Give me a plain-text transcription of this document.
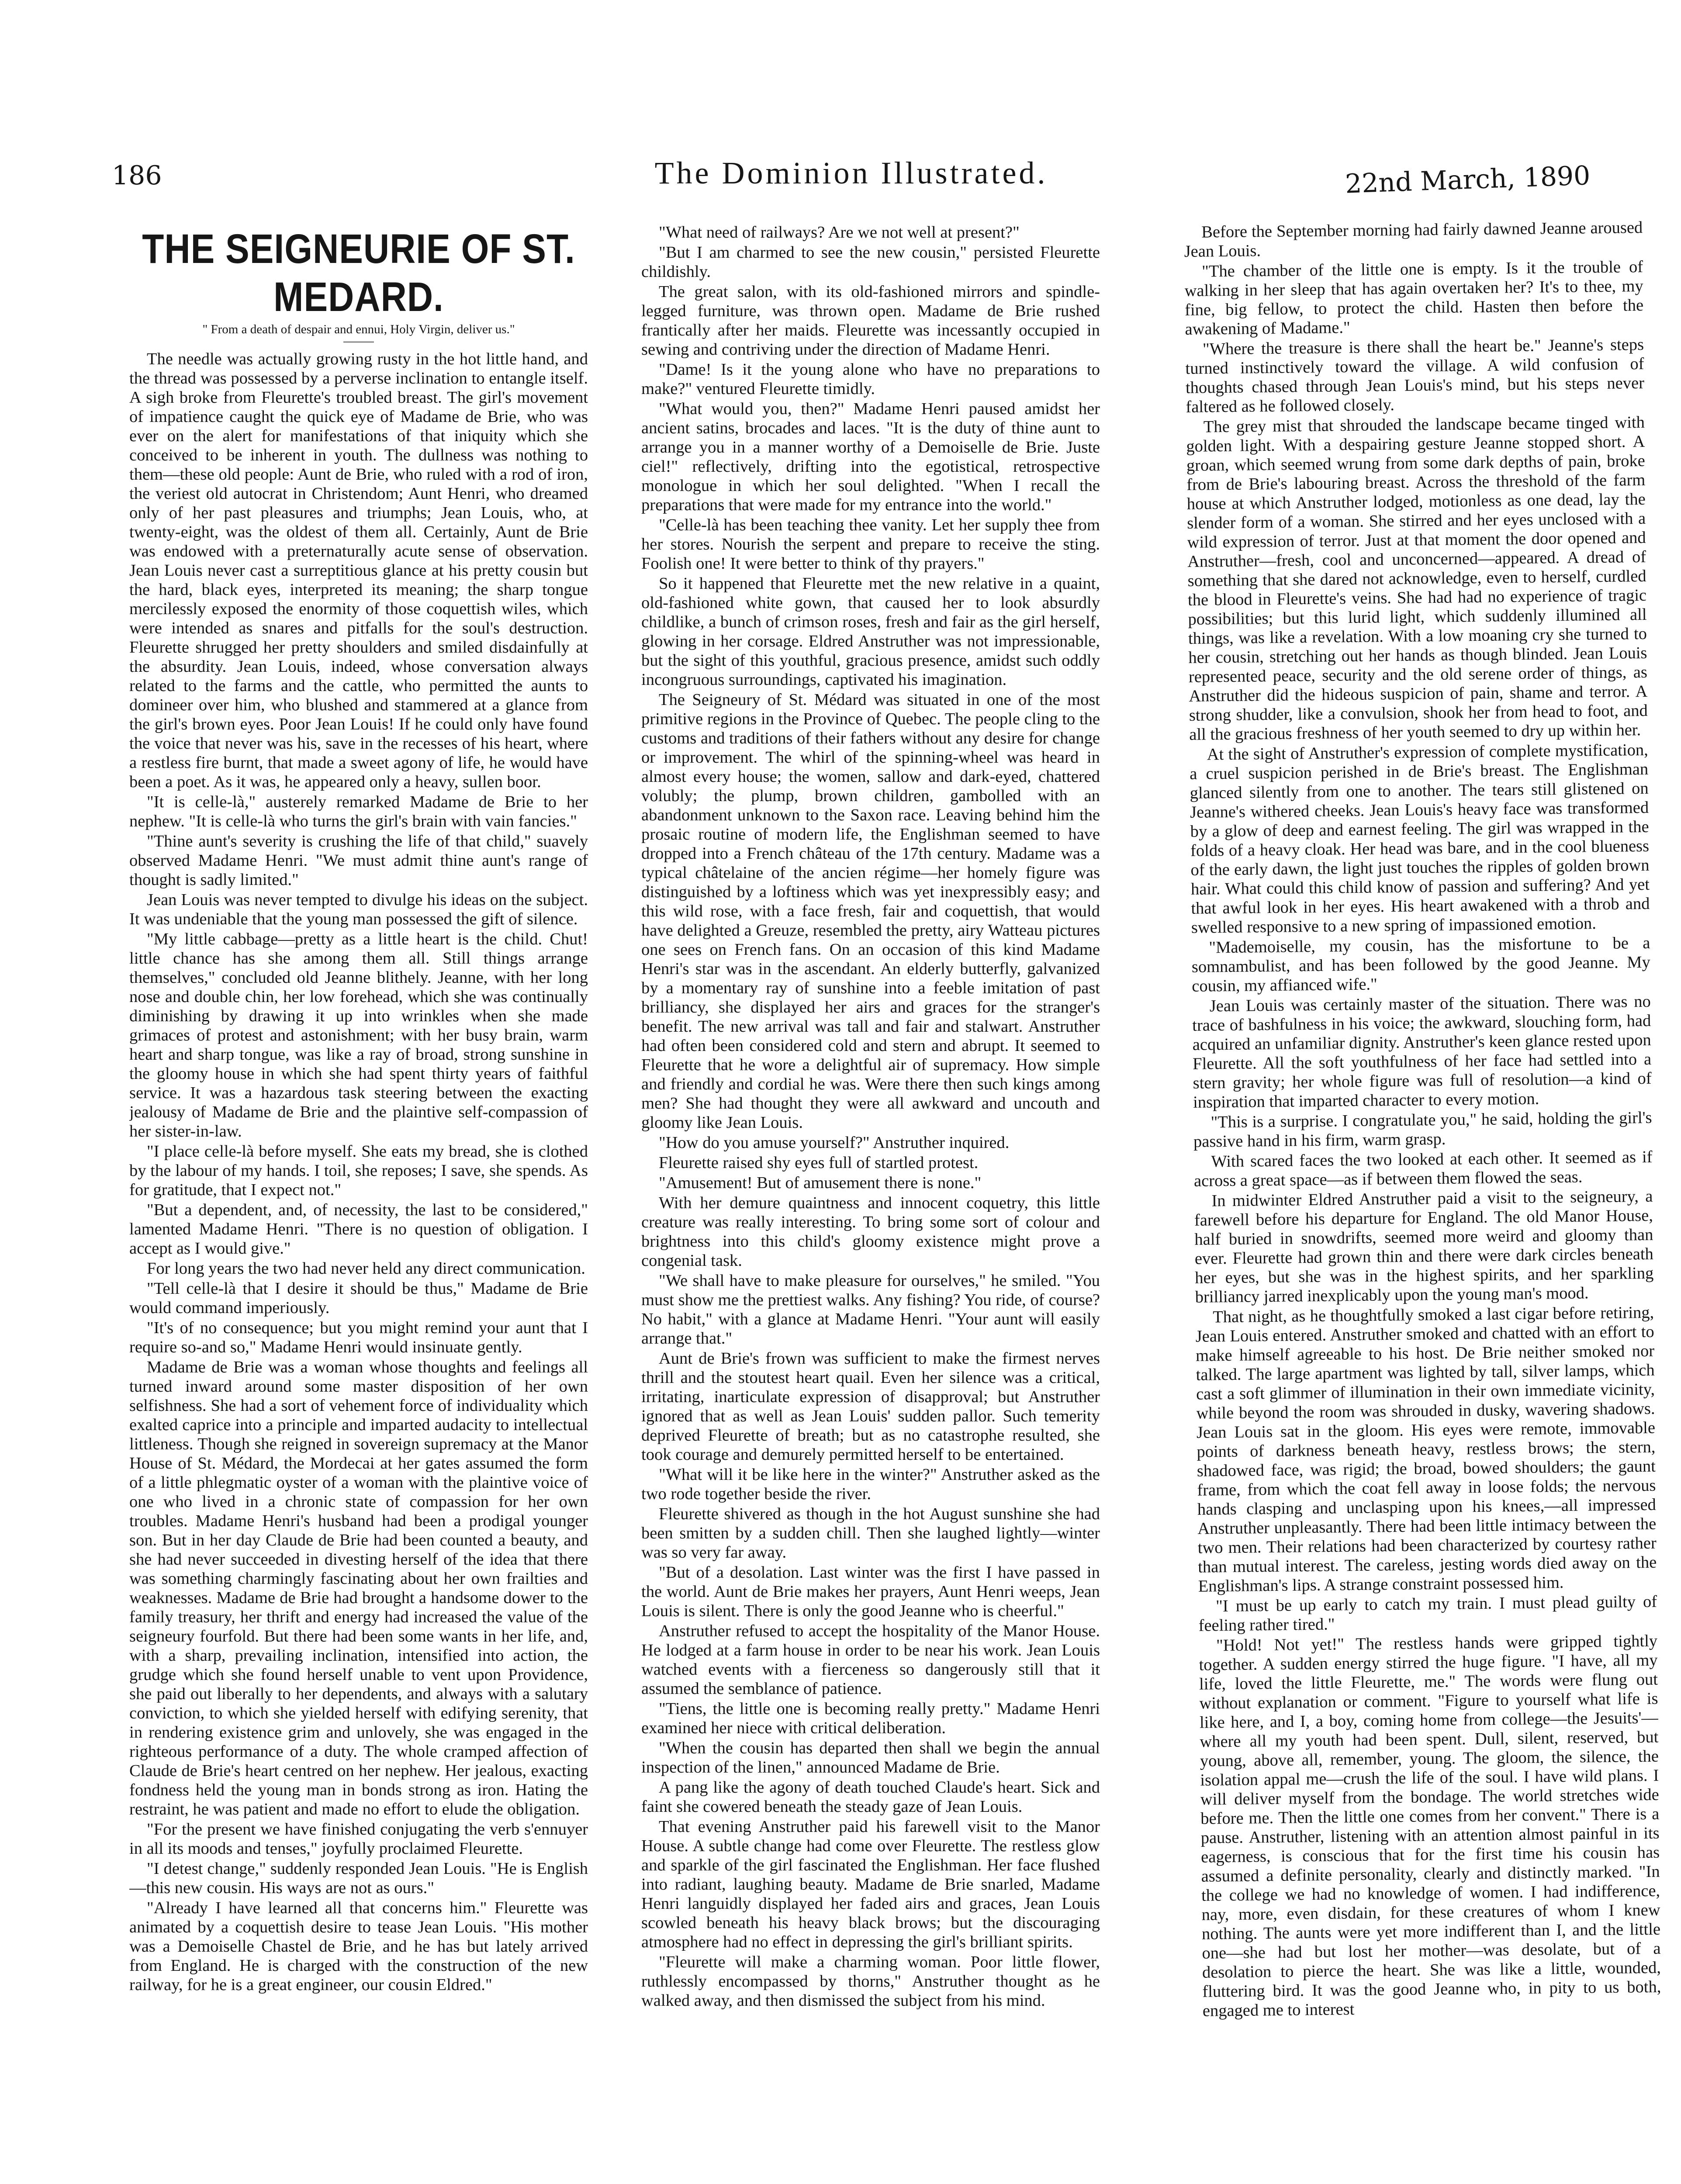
186	The Dominion Illustrated.	22nd March, 1890
THE SEIGNEURIE OF ST. MEDARD.
" From a death of despair and ennui, Holy Virgin, deliver us."

The needle was actually growing rusty in the hot little hand, and the thread was possessed by a perverse inclination to entangle itself. A sigh broke from Fleurette's troubled breast. The girl's movement of impatience caught the quick eye of Madame de Brie, who was ever on the alert for manifestations of that iniquity which she conceived to be inherent in youth. The dullness was nothing to them—these old people: Aunt de Brie, who ruled with a rod of iron, the veriest old autocrat in Christendom; Aunt Henri, who dreamed only of her past pleasures and triumphs; Jean Louis, who, at twenty-eight, was the oldest of them all. Certainly, Aunt de Brie was endowed with a preternaturally acute sense of observation. Jean Louis never cast a surreptitious glance at his pretty cousin but the hard, black eyes, interpreted its meaning; the sharp tongue mercilessly exposed the enormity of those coquettish wiles, which were intended as snares and pitfalls for the soul's destruction. Fleurette shrugged her pretty shoulders and smiled disdainfully at the absurdity. Jean Louis, indeed, whose conversation always related to the farms and the cattle, who permitted the aunts to domineer over him, who blushed and stammered at a glance from the girl's brown eyes. Poor Jean Louis! If he could only have found the voice that never was his, save in the recesses of his heart, where a restless fire burnt, that made a sweet agony of life, he would have been a poet. As it was, he appeared only a heavy, sullen boor.

"It is celle-là," austerely remarked Madame de Brie to her nephew. "It is celle-là who turns the girl's brain with vain fancies."

"Thine aunt's severity is crushing the life of that child," suavely observed Madame Henri. "We must admit thine aunt's range of thought is sadly limited."

Jean Louis was never tempted to divulge his ideas on the subject. It was undeniable that the young man possessed the gift of silence.

"My little cabbage—pretty as a little heart is the child. Chut! little chance has she among them all. Still things arrange themselves," concluded old Jeanne blithely. Jeanne, with her long nose and double chin, her low forehead, which she was continually diminishing by drawing it up into wrinkles when she made grimaces of protest and astonishment; with her busy brain, warm heart and sharp tongue, was like a ray of broad, strong sunshine in the gloomy house in which she had spent thirty years of faithful service. It was a hazardous task steering between the exacting jealousy of Madame de Brie and the plaintive self-compassion of her sister-in-law.

"I place celle-là before myself. She eats my bread, she is clothed by the labour of my hands. I toil, she reposes; I save, she spends. As for gratitude, that I expect not."

"But a dependent, and, of necessity, the last to be considered," lamented Madame Henri. "There is no question of obligation. I accept as I would give."

For long years the two had never held any direct communication.

"Tell celle-là that I desire it should be thus," Madame de Brie would command imperiously.

"It's of no consequence; but you might remind your aunt that I require so-and so," Madame Henri would insinuate gently.

Madame de Brie was a woman whose thoughts and feelings all turned inward around some master disposition of her own selfishness. She had a sort of vehement force of individuality which exalted caprice into a principle and imparted audacity to intellectual littleness. Though she reigned in sovereign supremacy at the Manor House of St. Médard, the Mordecai at her gates assumed the form of a little phlegmatic oyster of a woman with the plaintive voice of one who lived in a chronic state of compassion for her own troubles. Madame Henri's husband had been a prodigal younger son. But in her day Claude de Brie had been counted a beauty, and she had never succeeded in divesting herself of the idea that there was something charmingly fascinating about her own frailties and weaknesses. Madame de Brie had brought a handsome dower to the family treasury, her thrift and energy had increased the value of the seigneury fourfold. But there had been some wants in her life, and, with a sharp, prevailing inclination, intensified into action, the grudge which she found herself unable to vent upon Providence, she paid out liberally to her dependents, and always with a salutary conviction, to which she yielded herself with edifying serenity, that in rendering existence grim and unlovely, she was engaged in the righteous performance of a duty. The whole cramped affection of Claude de Brie's heart centred on her nephew. Her jealous, exacting fondness held the young man in bonds strong as iron. Hating the restraint, he was patient and made no effort to elude the obligation.

"For the present we have finished conjugating the verb s'ennuyer in all its moods and tenses," joyfully proclaimed Fleurette.

"I detest change," suddenly responded Jean Louis. "He is English—this new cousin. His ways are not as ours."

"Already I have learned all that concerns him." Fleurette was animated by a coquettish desire to tease Jean Louis. "His mother was a Demoiselle Chastel de Brie, and he has but lately arrived from England. He is charged with the construction of the new railway, for he is a great engineer, our cousin Eldred."

"What need of railways? Are we not well at present?"

"But I am charmed to see the new cousin," persisted Fleurette childishly.

The great salon, with its old-fashioned mirrors and spindle-legged furniture, was thrown open. Madame de Brie rushed frantically after her maids. Fleurette was incessantly occupied in sewing and contriving under the direction of Madame Henri.

"Dame! Is it the young alone who have no preparations to make?" ventured Fleurette timidly.

"What would you, then?" Madame Henri paused amidst her ancient satins, brocades and laces. "It is the duty of thine aunt to arrange you in a manner worthy of a Demoiselle de Brie. Juste ciel!" reflectively, drifting into the egotistical, retrospective monologue in which her soul delighted. "When I recall the preparations that were made for my entrance into the world."

"Celle-là has been teaching thee vanity. Let her supply thee from her stores. Nourish the serpent and prepare to receive the sting. Foolish one! It were better to think of thy prayers."

So it happened that Fleurette met the new relative in a quaint, old-fashioned white gown, that caused her to look absurdly childlike, a bunch of crimson roses, fresh and fair as the girl herself, glowing in her corsage. Eldred Anstruther was not impressionable, but the sight of this youthful, gracious presence, amidst such oddly incongruous surroundings, captivated his imagination.

The Seigneury of St. Médard was situated in one of the most primitive regions in the Province of Quebec. The people cling to the customs and traditions of their fathers without any desire for change or improvement. The whirl of the spinning-wheel was heard in almost every house; the women, sallow and dark-eyed, chattered volubly; the plump, brown children, gambolled with an abandonment unknown to the Saxon race. Leaving behind him the prosaic routine of modern life, the Englishman seemed to have dropped into a French château of the 17th century. Madame was a typical châtelaine of the ancien régime—her homely figure was distinguished by a loftiness which was yet inexpressibly easy; and this wild rose, with a face fresh, fair and coquettish, that would have delighted a Greuze, resembled the pretty, airy Watteau pictures one sees on French fans. On an occasion of this kind Madame Henri's star was in the ascendant. An elderly butterfly, galvanized by a momentary ray of sunshine into a feeble imitation of past brilliancy, she displayed her airs and graces for the stranger's benefit. The new arrival was tall and fair and stalwart. Anstruther had often been considered cold and stern and abrupt. It seemed to Fleurette that he wore a delightful air of supremacy. How simple and friendly and cordial he was. Were there then such kings among men? She had thought they were all awkward and uncouth and gloomy like Jean Louis.

"How do you amuse yourself?" Anstruther inquired.

Fleurette raised shy eyes full of startled protest.

"Amusement! But of amusement there is none."

With her demure quaintness and innocent coquetry, this little creature was really interesting. To bring some sort of colour and brightness into this child's gloomy existence might prove a congenial task.

"We shall have to make pleasure for ourselves," he smiled. "You must show me the prettiest walks. Any fishing? You ride, of course? No habit," with a glance at Madame Henri. "Your aunt will easily arrange that."

Aunt de Brie's frown was sufficient to make the firmest nerves thrill and the stoutest heart quail. Even her silence was a critical, irritating, inarticulate expression of disapproval; but Anstruther ignored that as well as Jean Louis' sudden pallor. Such temerity deprived Fleurette of breath; but as no catastrophe resulted, she took courage and demurely permitted herself to be entertained.

"What will it be like here in the winter?" Anstruther asked as the two rode together beside the river.

Fleurette shivered as though in the hot August sunshine she had been smitten by a sudden chill. Then she laughed lightly—winter was so very far away.

"But of a desolation. Last winter was the first I have passed in the world. Aunt de Brie makes her prayers, Aunt Henri weeps, Jean Louis is silent. There is only the good Jeanne who is cheerful."

Anstruther refused to accept the hospitality of the Manor House. He lodged at a farm house in order to be near his work. Jean Louis watched events with a fierceness so dangerously still that it assumed the semblance of patience.

"Tiens, the little one is becoming really pretty." Madame Henri examined her niece with critical deliberation.

"When the cousin has departed then shall we begin the annual inspection of the linen," announced Madame de Brie.

A pang like the agony of death touched Claude's heart. Sick and faint she cowered beneath the steady gaze of Jean Louis.

That evening Anstruther paid his farewell visit to the Manor House. A subtle change had come over Fleurette. The restless glow and sparkle of the girl fascinated the Englishman. Her face flushed into radiant, laughing beauty. Madame de Brie snarled, Madame Henri languidly displayed her faded airs and graces, Jean Louis scowled beneath his heavy black brows; but the discouraging atmosphere had no effect in depressing the girl's brilliant spirits.

"Fleurette will make a charming woman. Poor little flower, ruthlessly encompassed by thorns," Anstruther thought as he walked away, and then dismissed the subject from his mind.

Before the September morning had fairly dawned Jeanne aroused Jean Louis.

"The chamber of the little one is empty. Is it the trouble of walking in her sleep that has again overtaken her? It's to thee, my fine, big fellow, to protect the child. Hasten then before the awakening of Madame."

"Where the treasure is there shall the heart be." Jeanne's steps turned instinctively toward the village. A wild confusion of thoughts chased through Jean Louis's mind, but his steps never faltered as he followed closely.

The grey mist that shrouded the landscape became tinged with golden light. With a despairing gesture Jeanne stopped short. A groan, which seemed wrung from some dark depths of pain, broke from de Brie's labouring breast. Across the threshold of the farm house at which Anstruther lodged, motionless as one dead, lay the slender form of a woman. She stirred and her eyes unclosed with a wild expression of terror. Just at that moment the door opened and Anstruther—fresh, cool and unconcerned—appeared. A dread of something that she dared not acknowledge, even to herself, curdled the blood in Fleurette's veins. She had had no experience of tragic possibilities; but this lurid light, which suddenly illumined all things, was like a revelation. With a low moaning cry she turned to her cousin, stretching out her hands as though blinded. Jean Louis represented peace, security and the old serene order of things, as Anstruther did the hideous suspicion of pain, shame and terror. A strong shudder, like a convulsion, shook her from head to foot, and all the gracious freshness of her youth seemed to dry up within her.

At the sight of Anstruther's expression of complete mystification, a cruel suspicion perished in de Brie's breast. The Englishman glanced silently from one to another. The tears still glistened on Jeanne's withered cheeks. Jean Louis's heavy face was transformed by a glow of deep and earnest feeling. The girl was wrapped in the folds of a heavy cloak. Her head was bare, and in the cool blueness of the early dawn, the light just touches the ripples of golden brown hair. What could this child know of passion and suffering? And yet that awful look in her eyes. His heart awakened with a throb and swelled responsive to a new spring of impassioned emotion.

"Mademoiselle, my cousin, has the misfortune to be a somnambulist, and has been followed by the good Jeanne. My cousin, my affianced wife."

Jean Louis was certainly master of the situation. There was no trace of bashfulness in his voice; the awkward, slouching form, had acquired an unfamiliar dignity. Anstruther's keen glance rested upon Fleurette. All the soft youthfulness of her face had settled into a stern gravity; her whole figure was full of resolution—a kind of inspiration that imparted character to every motion.

"This is a surprise. I congratulate you," he said, holding the girl's passive hand in his firm, warm grasp.

With scared faces the two looked at each other. It seemed as if across a great space—as if between them flowed the seas.

In midwinter Eldred Anstruther paid a visit to the seigneury, a farewell before his departure for England. The old Manor House, half buried in snowdrifts, seemed more weird and gloomy than ever. Fleurette had grown thin and there were dark circles beneath her eyes, but she was in the highest spirits, and her sparkling brilliancy jarred inexplicably upon the young man's mood.

That night, as he thoughtfully smoked a last cigar before retiring, Jean Louis entered. Anstruther smoked and chatted with an effort to make himself agreeable to his host. De Brie neither smoked nor talked. The large apartment was lighted by tall, silver lamps, which cast a soft glimmer of illumination in their own immediate vicinity, while beyond the room was shrouded in dusky, wavering shadows. Jean Louis sat in the gloom. His eyes were remote, immovable points of darkness beneath heavy, restless brows; the stern, shadowed face, was rigid; the broad, bowed shoulders; the gaunt frame, from which the coat fell away in loose folds; the nervous hands clasping and unclasping upon his knees,—all impressed Anstruther unpleasantly. There had been little intimacy between the two men. Their relations had been characterized by courtesy rather than mutual interest. The careless, jesting words died away on the Englishman's lips. A strange constraint possessed him.

"I must be up early to catch my train. I must plead guilty of feeling rather tired."

"Hold! Not yet!" The restless hands were gripped tightly together. A sudden energy stirred the huge figure. "I have, all my life, loved the little Fleurette, me." The words were flung out without explanation or comment. "Figure to yourself what life is like here, and I, a boy, coming home from college—the Jesuits'—where all my youth had been spent. Dull, silent, reserved, but young, above all, remember, young. The gloom, the silence, the isolation appal me—crush the life of the soul. I have wild plans. I will deliver myself from the bondage. The world stretches wide before me. Then the little one comes from her convent." There is a pause. Anstruther, listening with an attention almost painful in its eagerness, is conscious that for the first time his cousin has assumed a definite personality, clearly and distinctly marked. "In the college we had no knowledge of women. I had indifference, nay, more, even disdain, for these creatures of whom I knew nothing. The aunts were yet more indifferent than I, and the little one—she had but lost her mother—was desolate, but of a desolation to pierce the heart. She was like a little, wounded, fluttering bird. It was the good Jeanne who, in pity to us both, engaged me to interest
